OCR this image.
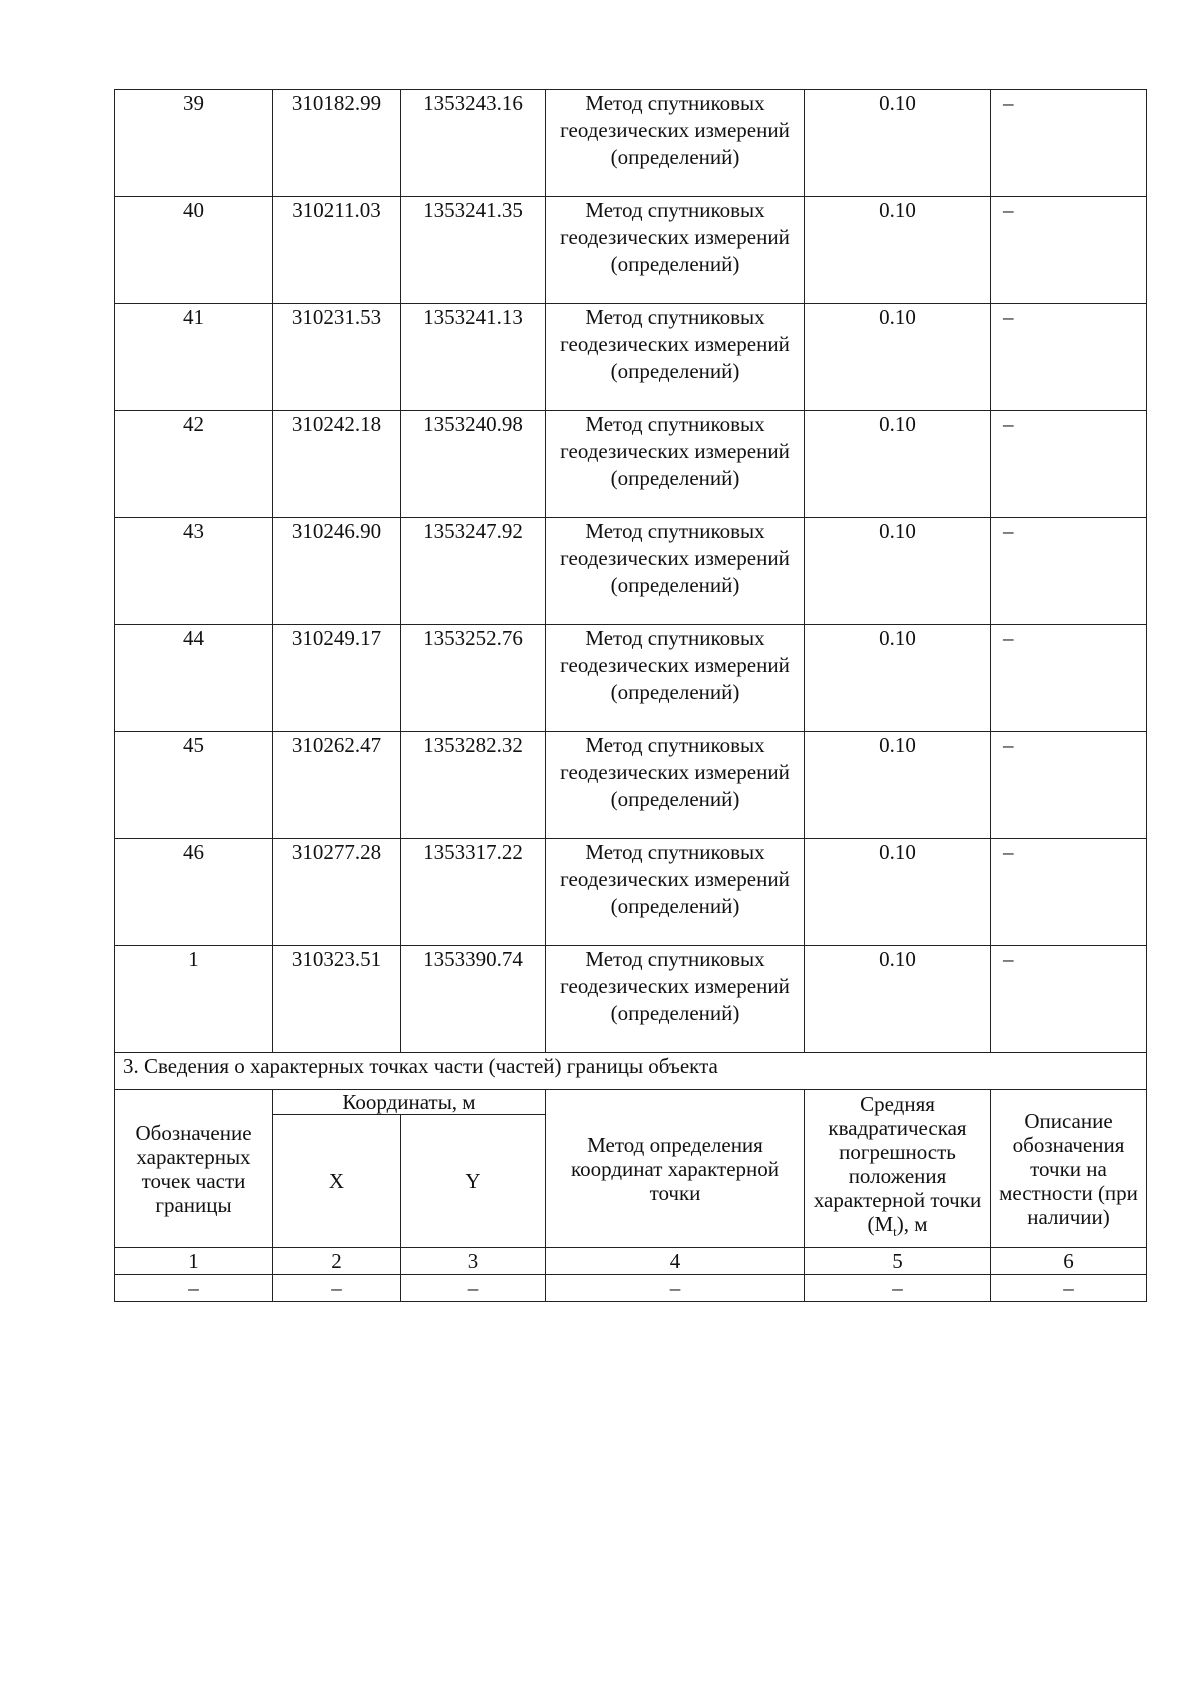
39	310182.99	1353243.16	Метод спутниковых геодезических измерений (определений)	0.10	–
40	310211.03	1353241.35	Метод спутниковых геодезических измерений (определений)	0.10	–
41	310231.53	1353241.13	Метод спутниковых геодезических измерений (определений)	0.10	–
42	310242.18	1353240.98	Метод спутниковых геодезических измерений (определений)	0.10	–
43	310246.90	1353247.92	Метод спутниковых геодезических измерений (определений)	0.10	–
44	310249.17	1353252.76	Метод спутниковых геодезических измерений (определений)	0.10	–
45	310262.47	1353282.32	Метод спутниковых геодезических измерений (определений)	0.10	–
46	310277.28	1353317.22	Метод спутниковых геодезических измерений (определений)	0.10	–
1	310323.51	1353390.74	Метод спутниковых геодезических измерений (определений)	0.10	–
3. Сведения о характерных точках части (частей) границы объекта					
Обозначение характерных точек части границы	Координаты, м		Метод определения координат характерной точки	Средняя квадратическая погрешность положения характерной точки $(M_t)$, м	Описание обозначения точки на местности (при наличии)
	X	Y			
1	2	3	4	5	6
–	–	–	–	–	–
